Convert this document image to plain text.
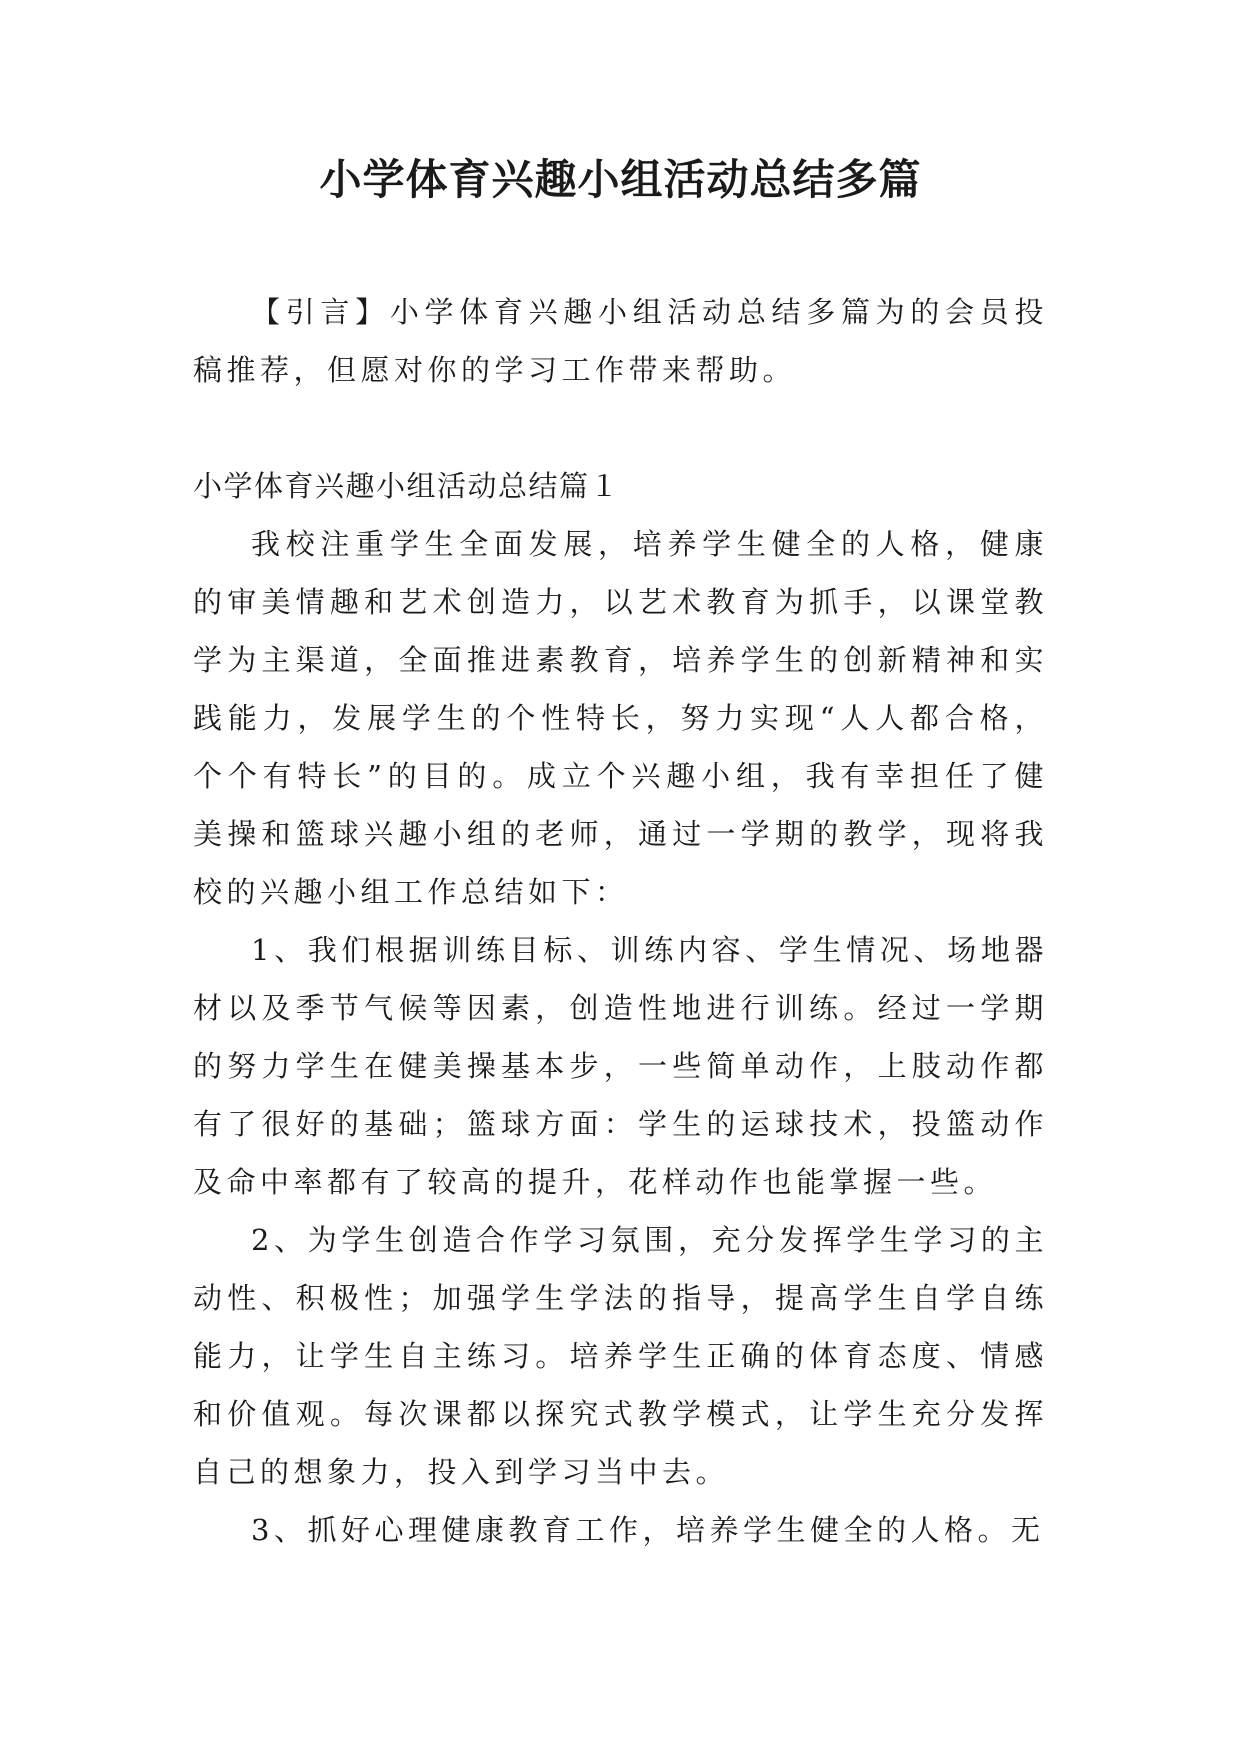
小学体育兴趣小组活动总结多篇

【引言】小学体育兴趣小组活动总结多篇为的会员投稿推荐，但愿对你的学习工作带来帮助。

小学体育兴趣小组活动总结篇１

我校注重学生全面发展，培养学生健全的人格，健康的审美情趣和艺术创造力，以艺术教育为抓手，以课堂教学为主渠道，全面推进素教育，培养学生的创新精神和实践能力，发展学生的个性特长，努力实现“人人都合格，个个有特长”的目的。成立个兴趣小组，我有幸担任了健美操和篮球兴趣小组的老师，通过一学期的教学，现将我校的兴趣小组工作总结如下：

1、我们根据训练目标、训练内容、学生情况、场地器材以及季节气候等因素，创造性地进行训练。经过一学期的努力学生在健美操基本步，一些简单动作，上肢动作都有了很好的基础；篮球方面：学生的运球技术，投篮动作及命中率都有了较高的提升，花样动作也能掌握一些。

2、为学生创造合作学习氛围，充分发挥学生学习的主动性、积极性；加强学生学法的指导，提高学生自学自练能力，让学生自主练习。培养学生正确的体育态度、情感和价值观。每次课都以探究式教学模式，让学生充分发挥自己的想象力，投入到学习当中去。

3、抓好心理健康教育工作，培养学生健全的人格。无
